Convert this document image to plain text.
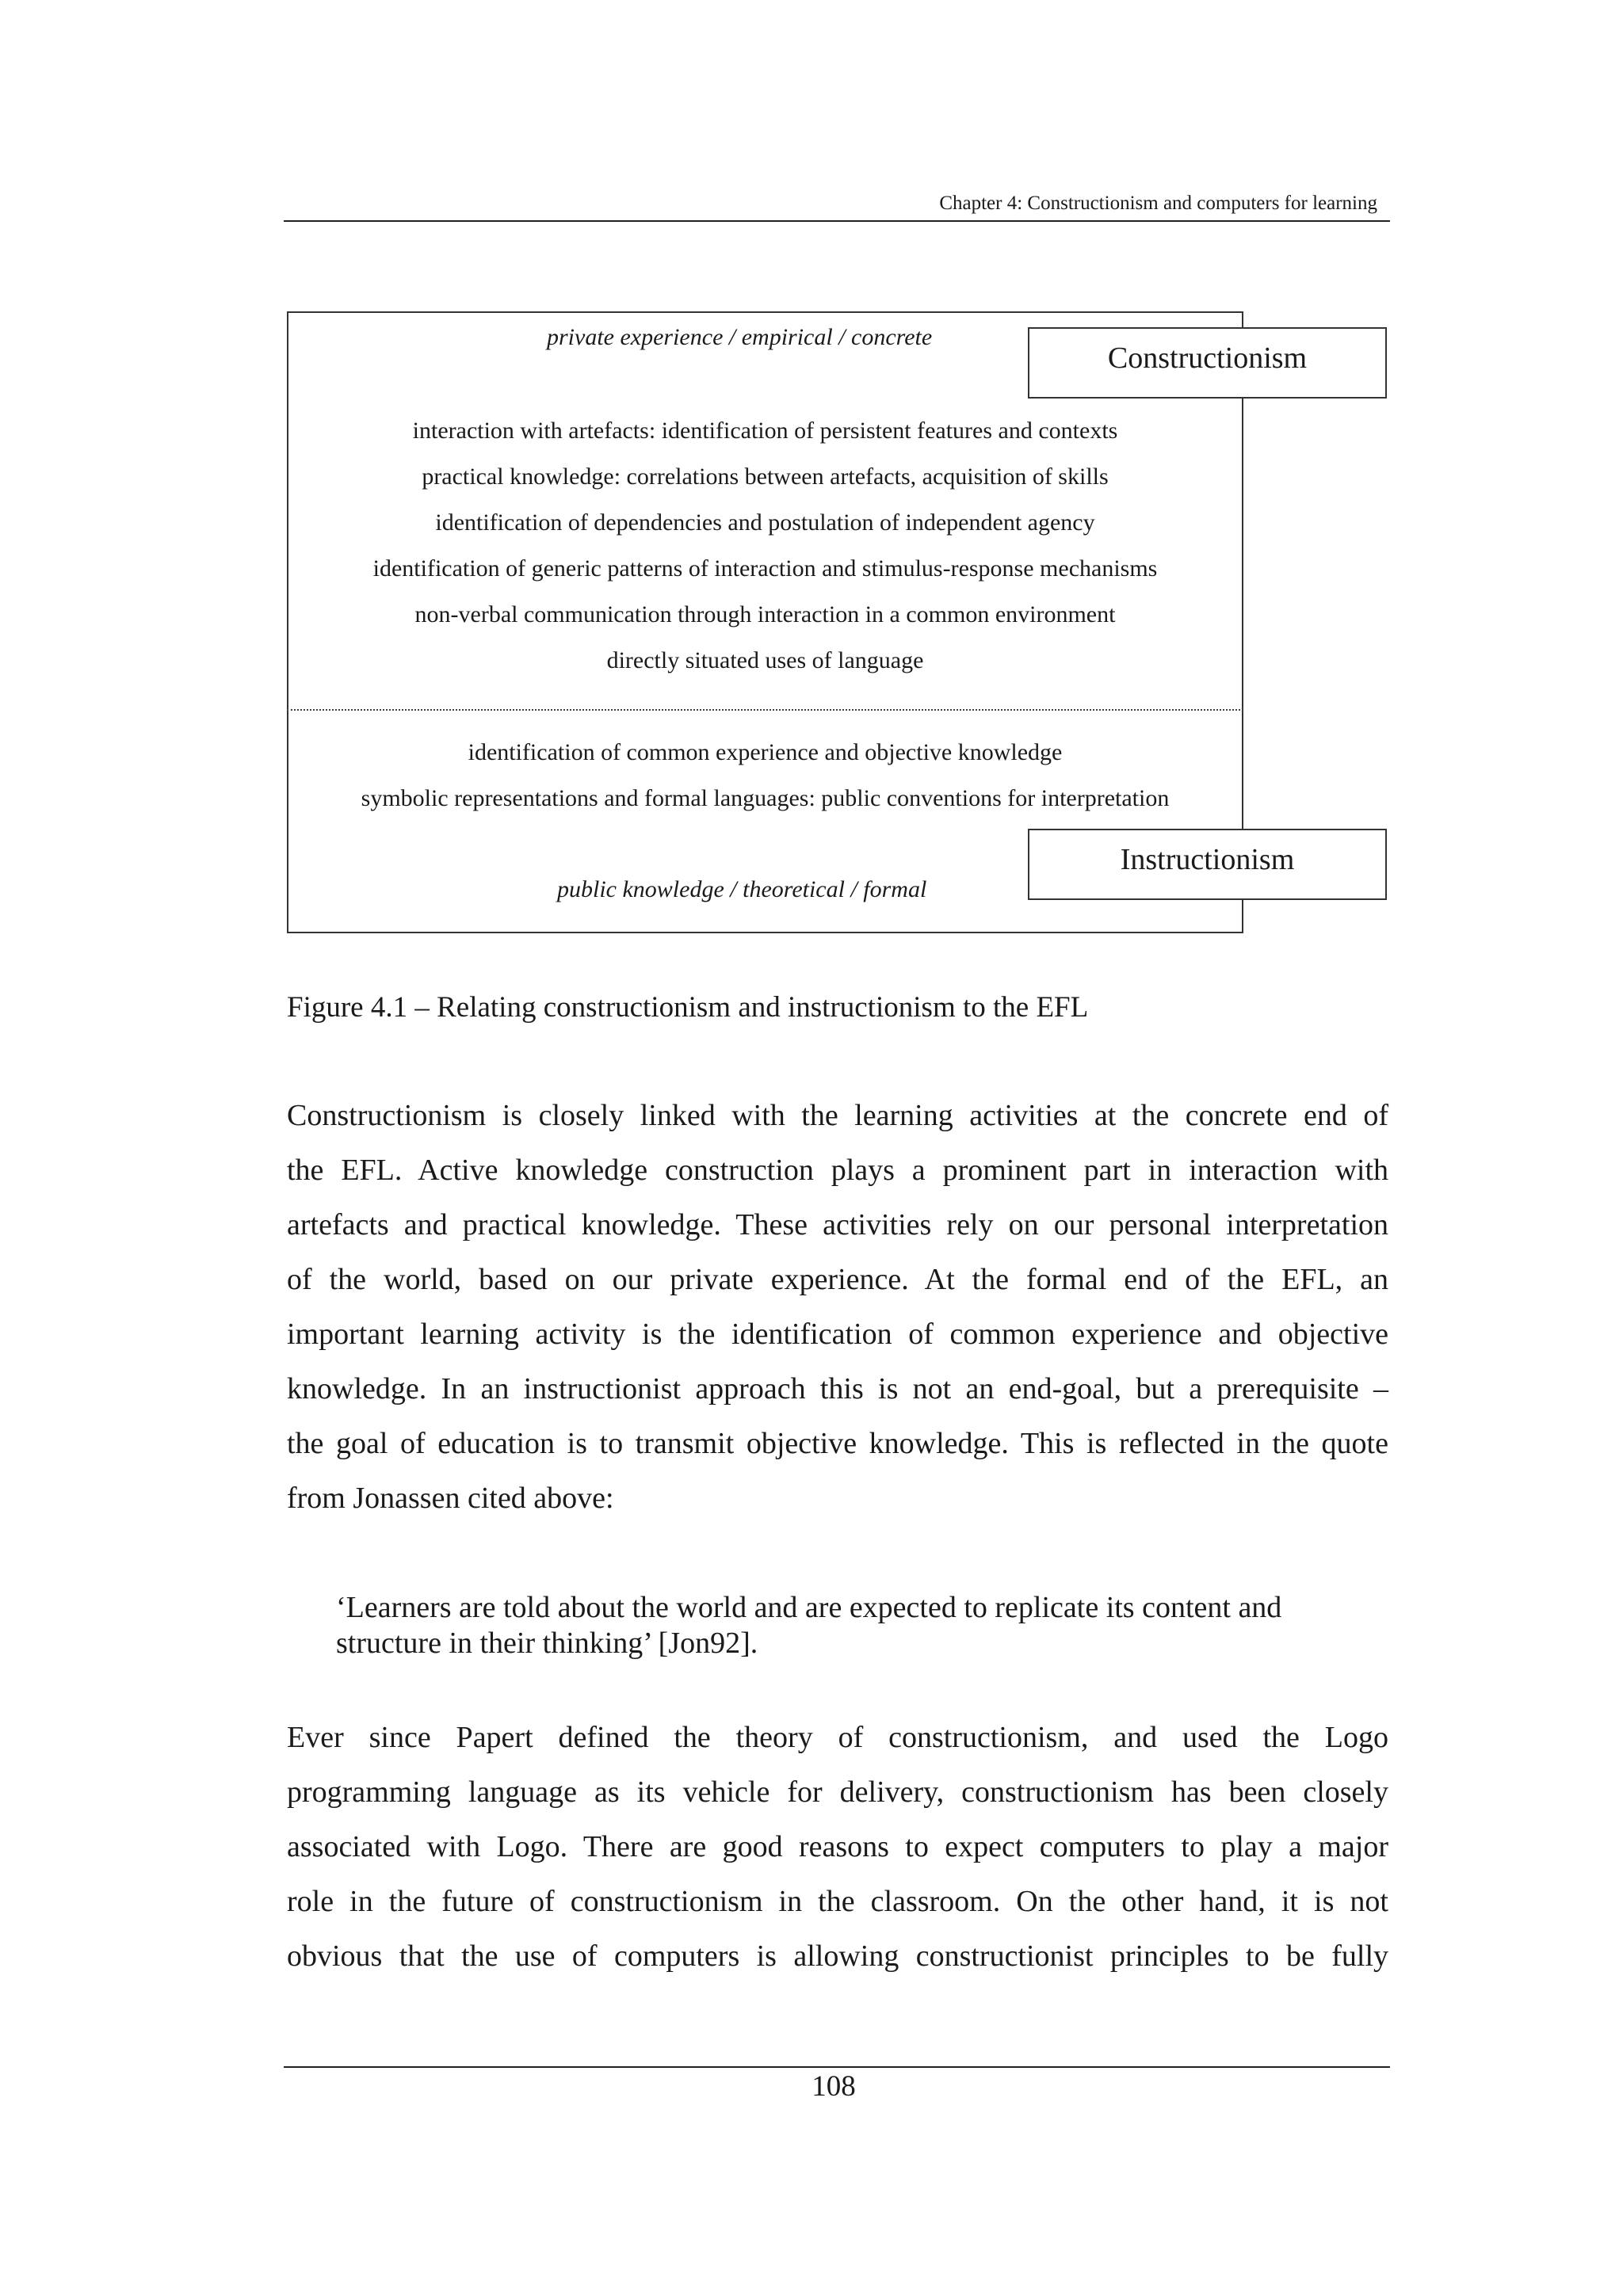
Chapter 4: Constructionism and computers for learning
private experience / empirical / concrete
Constructionism
interaction with artefacts: identification of persistent features and contexts
practical knowledge: correlations between artefacts, acquisition of skills
identification of dependencies and postulation of independent agency
identification of generic patterns of interaction and stimulus-response mechanisms
non-verbal communication through interaction in a common environment
directly situated uses of language
identification of common experience and objective knowledge
symbolic representations and formal languages: public conventions for interpretation
Instructionism
public knowledge / theoretical / formal
Figure 4.1 – Relating constructionism and instructionism to the EFL
Constructionism is closely linked with the learning activities at the concrete end of
the EFL. Active knowledge construction plays a prominent part in interaction with
artefacts and practical knowledge. These activities rely on our personal interpretation
of the world, based on our private experience. At the formal end of the EFL, an
important learning activity is the identification of common experience and objective
knowledge. In an instructionist approach this is not an end-goal, but a prerequisite –
the goal of education is to transmit objective knowledge. This is reflected in the quote
from Jonassen cited above:
‘Learners are told about the world and are expected to replicate its content and
structure in their thinking’ [Jon92].
Ever since Papert defined the theory of constructionism, and used the Logo
programming language as its vehicle for delivery, constructionism has been closely
associated with Logo. There are good reasons to expect computers to play a major
role in the future of constructionism in the classroom. On the other hand, it is not
obvious that the use of computers is allowing constructionist principles to be fully
108
